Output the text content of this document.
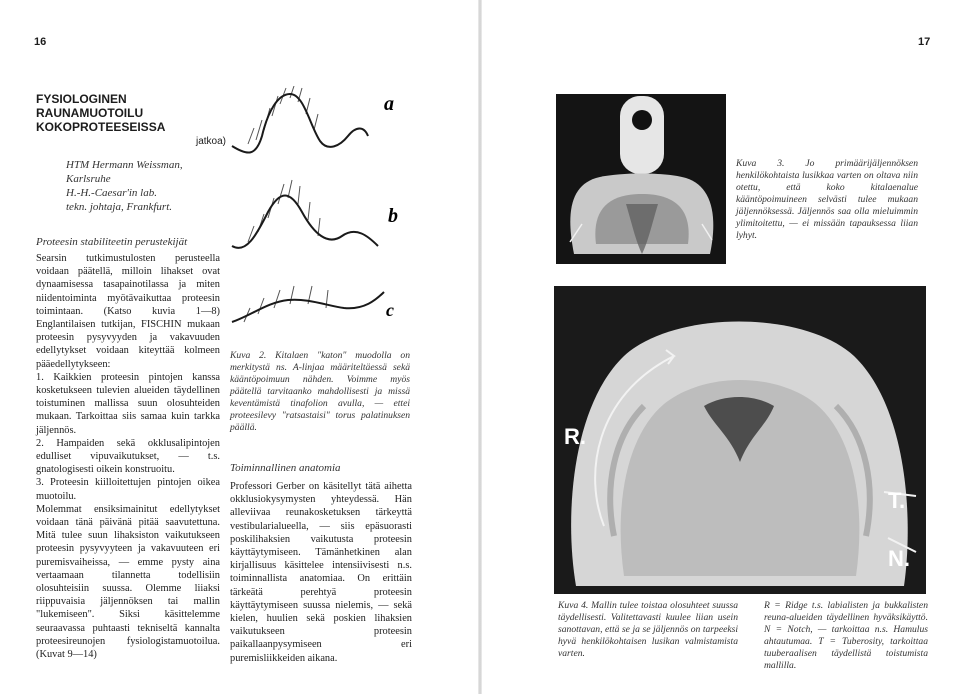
16
FYSIOLOGINEN
RAUNAMUOTOILU
KOKOPROTEESEISSA
jatkoa)
HTM Hermann Weissman,
Karlsruhe
H.-H.-Caesar'in lab.
tekn. johtaja, Frankfurt.
Proteesin stabiliteetin perustekijät

Searsin tutkimustulosten perusteella voidaan päätellä, milloin lihakset ovat dynaamisessa tasapainotilassa ja miten niidentoiminta myötävaikuttaa proteesin toimintaan. (Katso kuvia 1—8) Englantilaisen tutkijan, FISCHIN mukaan proteesin pysyvyyden ja vakavuuden edellytykset voidaan kiteyttää kolmeen pääedellytykseen:

1. Kaikkien proteesin pintojen kanssa kosketukseen tulevien alueiden täydellinen toistuminen mallissa suun olosuhteiden mukaan. Tarkoittaa siis samaa kuin tarkka jäljennös.

2. Hampaiden sekä okklusalipintojen edulliset vipuvaikutukset, — t.s. gnatologisesti oikein konstruoitu.

3. Proteesin kiilloitettujen pintojen oikea muotoilu.

Molemmat ensiksimainitut edellytykset voidaan tänä päivänä pitää saavutettuna. Mitä tulee suun lihaksiston vaikutukseen proteesin pysyvyyteen ja vakavuuteen eri puremisvaiheissa, — emme pysty aina vertaamaan tilannetta todellisiin olosuhteisiin suussa. Olemme liiaksi riippuvaisia jäljennöksen tai mallin "lukemiseen". Siksi käsittelemme seuraavassa puhtaasti tekniseltä kannalta proteesireunojen fysiologistamuotoilua. (Kuvat 9—14)

a
b
c

Kuva 2. Kitalaen "katon" muodolla on merkitystä ns. A-linjaa määriteltäessä sekä kääntöpoimuun nähden. Voimme myös päätellä tarvitaanko mahdollisesti ja missä keventämistä tinafolion avulla, — ettei proteesilevy "ratsastaisi" torus palatinuksen päällä.

Toiminnallinen anatomia

Professori Gerber on käsitellyt tätä aihetta okklusiokysymysten yhteydessä. Hän alleviivaa reunakosketuksen tärkeyttä vestibularialueella, — siis epäsuorasti poskilihaksien vaikutusta proteesin käyttäytymiseen. Tämänhetkinen alan kirjallisuus käsittelee intensiivisesti n.s. toiminnallista anatomiaa. On erittäin tärkeätä perehtyä proteesin käyttäytymiseen suussa nielemis, — sekä kielen, huulien sekä poskien lihaksien vaikutukseen proteesin paikallaanpysymiseen eri puremisliikkeiden aikana.

17

Kuva 3. Jo primäärijäljennöksen henkilökohtaista lusikkaa varten on oltava niin otettu, että koko kitalaenalue kääntöpoimuineen selvästi tulee mukaan jäljennöksessä. Jäljennös saa olla mieluimmin ylimitoitettu, — ei missään tapauksessa liian lyhyt.

R.
T.
N.

Kuva 4. Mallin tulee toistaa olosuhteet suussa täydellisesti. Valitettavasti kuulee liian usein sanottavan, että se ja se jäljennös on tarpeeksi hyvä henkilökohtaisen lusikan valmistamista varten.

R = Ridge t.s. labialisten ja bukkalisten reuna-alueiden täydellinen hyväksikäyttö. N = Notch, — tarkoittaa n.s. Hamulus ahtautumaa. T = Tuberosity, tarkoittaa tuuberaalisen täydellistä toistumista mallilla.
